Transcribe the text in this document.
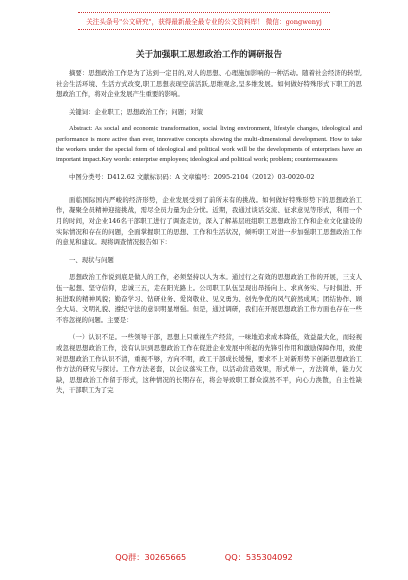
关注头条号"公文研究"，获得最新最全最专业的公文资料库！ 微信：gongwenyj
关于加强职工思想政治工作的调研报告

摘要：思想政治工作是为了达到一定目的,对人的思想、心理施加影响的一种活动。随着社会经济的转型,社会生活环境、生活方式改变,职工思想表现空前活跃,思维观念,呈多维发展。如何做好特殊形式下职工的思想政治工作，将对企业发展产生重要的影响。

关键词：企业职工；思想政治工作；问题；对策

Abstract: As social and economic transformation, social living environment, lifestyle changes, ideological and performance is more active than ever, innovative concepts showing the multi-dimensional development. How to take the workers under the special form of ideological and political work will be the developments of enterprises have an important impact.Key words: enterprise employees; ideological and political work; problem; countermeasures

中图分类号：D412.62 文献标识码：A 文章编号：2095-2104（2012）03-0020-02

面临国际国内严峻的经济形势，企业发展受到了前所未有的挑战。如何做好特殊形势下的思想政治工作，凝聚全员精神迎接挑战，需尽全员力量为企分忧。近期，我通过谈话交流、征求意见等形式，利用一个月的时间，对企业146名干部职工进行了调查走访，深入了解基层班组职工思想政治工作和企业文化建设的实际情况和存在的问题，全面掌握职工的思想、工作和生活状况，倾听职工对进一步加强职工思想政治工作的意见和建议。现将调查情况报告如下：

一、现状与问题

思想政治工作说到底是做人的工作，必须坚持以人为本。通过行之有效的思想政治工作的开展，三支人伍一起想、坚守信仰，忠诚三五，走在阳光路上。公司职工队伍呈现出昂扬向上、求真务实、与时俱进、开拓进取的精神风貌；勤奋学习、钻研业务、爱岗敬业、见义勇为、创先争优的风气蔚然成风；团结协作、顾全大局、文明礼貌、遵纪守法的意识明显增强。但是，通过调研，我们在开展思想政治工作方面也存在一些不容忽视的问题。主要是：

（一）认识不足。一些领导干部，思想上只重视生产经营，一味地追求成本降低，效益最大化，而轻视或忽视思想政治工作，没有认识到思想政治工作在促进企业发展中所起的先锋引作用和激励保障作用，致使对思想政治工作认识不清，重视不够，方向不明，政工干部成长缓慢，要求不上对新形势下创新思想政治工作方法的研究与探讨。工作方法老套，以会议落实工作，以活动营造效果，形式单一，方法简单，能力欠缺，思想政治工作留于形式，这种情况的长期存在，将会导致职工群众漠然不平，向心力涣散，自主性缺失，干部职工为了完

QQ群：30265665	QQ：535304092
